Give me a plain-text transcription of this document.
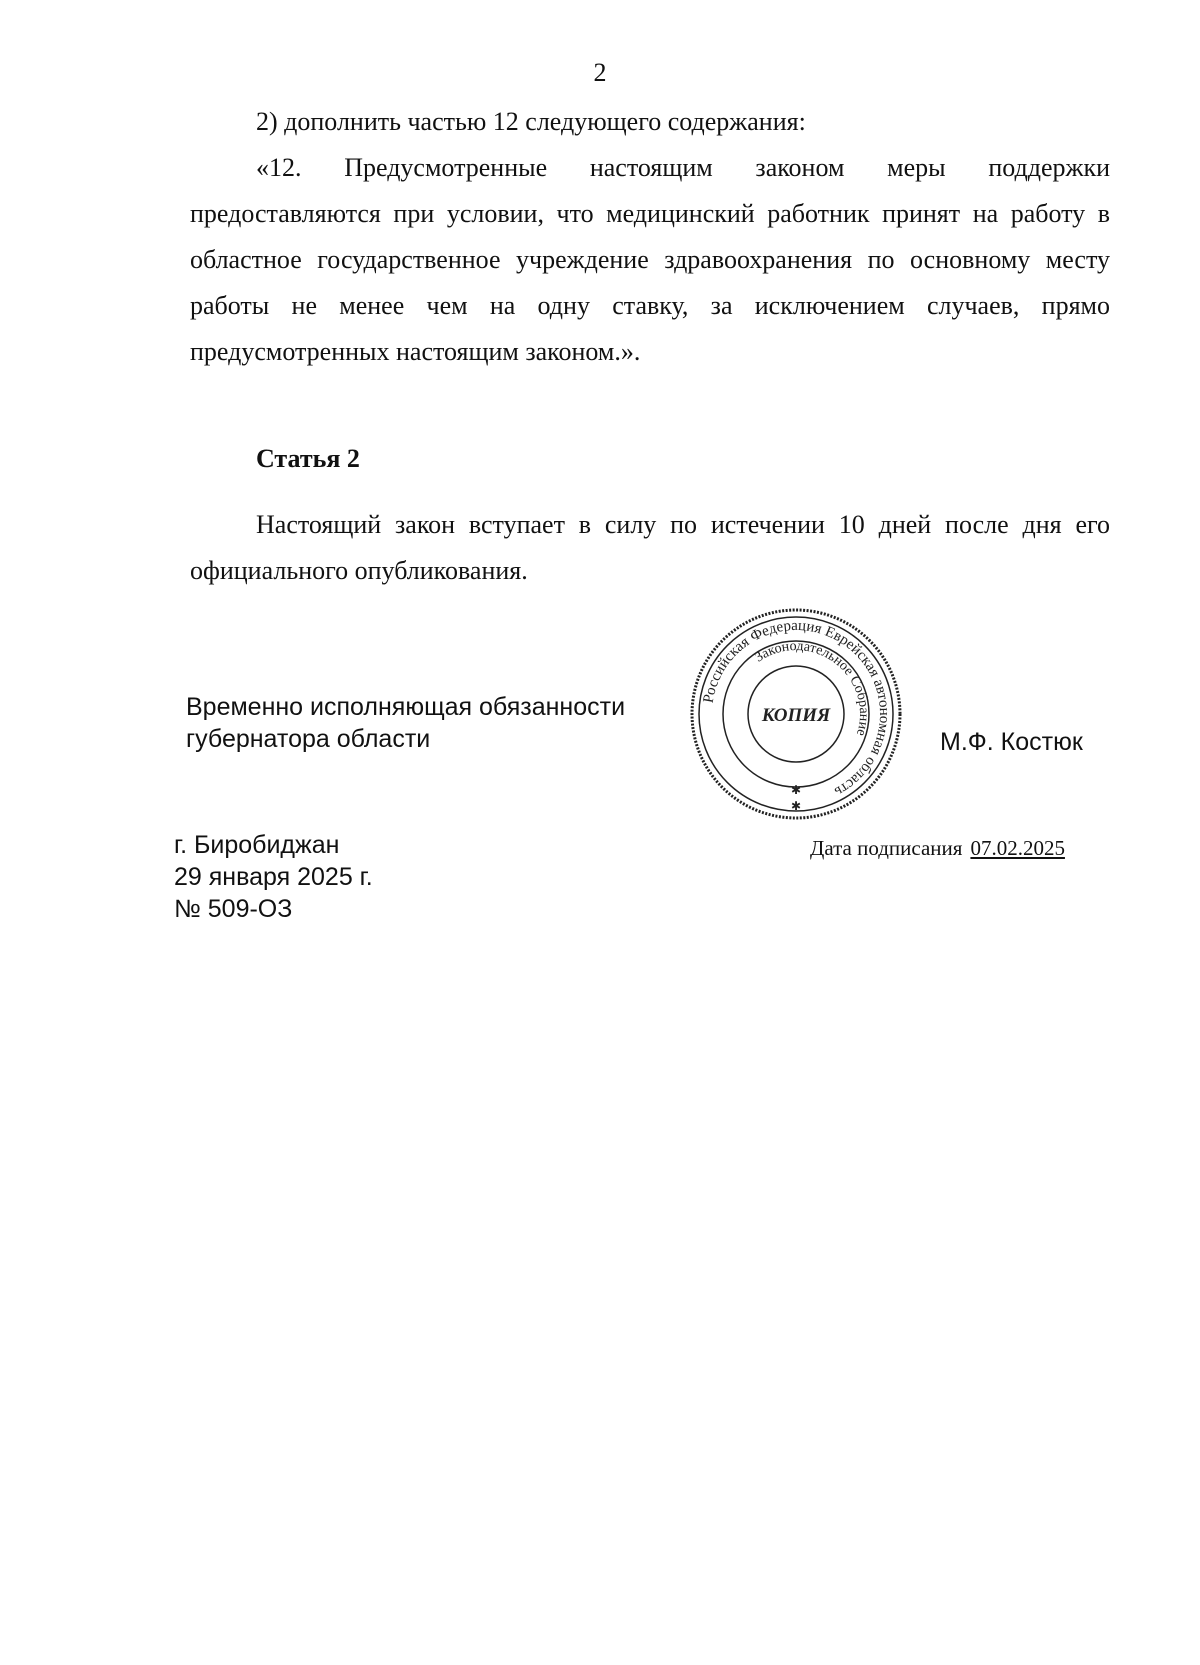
2
2) дополнить частью 12 следующего содержания:
«12. Предусмотренные настоящим законом меры поддержки предоставляются при условии, что медицинский работник принят на работу в областное государственное учреждение здравоохранения по основному месту работы не менее чем на одну ставку, за исключением случаев, прямо предусмотренных настоящим законом.».
Статья 2
Настоящий закон вступает в силу по истечении 10 дней после дня его официального опубликования.
Временно исполняющая обязанности
губернатора области
Российская Федерация Еврейская автономная область
Законодательное Собрание
КОПИЯ
✱
✱
М.Ф. Костюк
г. Биробиджан
29 января 2025 г.
№ 509-ОЗ
Дата подписания 07.02.2025
